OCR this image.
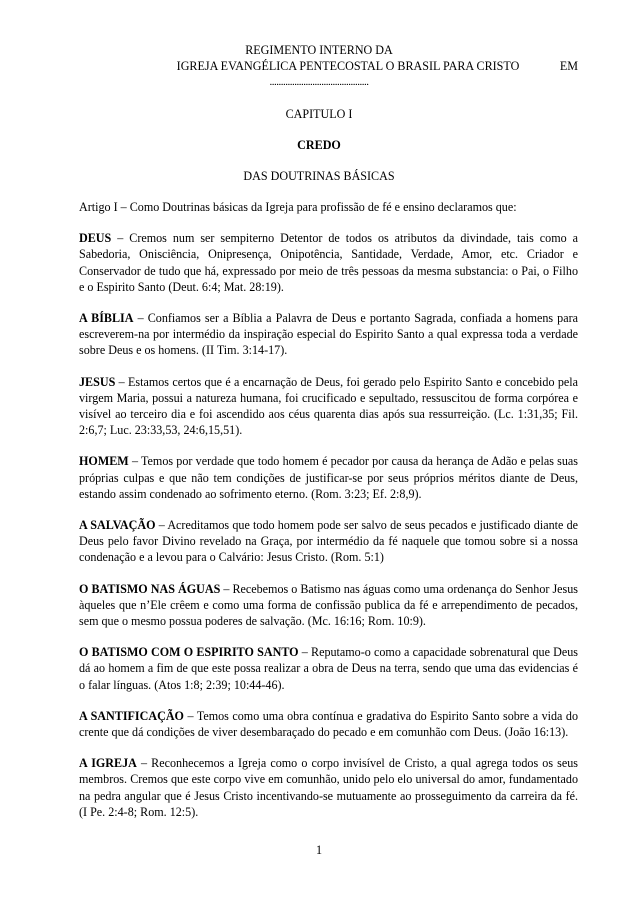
REGIMENTO INTERNO DA
IGREJA EVANGÉLICA PENTECOSTAL O BRASIL PARA CRISTO	EM
............................................
CAPITULO I
CREDO
DAS DOUTRINAS BÁSICAS

Artigo I – Como Doutrinas básicas da Igreja para profissão de fé e ensino declaramos que:

DEUS – Cremos num ser sempiterno Detentor de todos os atributos da divindade, tais como a Sabedoria, Onisciência, Onipresença, Onipotência, Santidade, Verdade, Amor, etc. Criador e Conservador de tudo que há, expressado por meio de três pessoas da mesma substancia: o Pai, o Filho e o Espirito Santo (Deut. 6:4; Mat. 28:19).

A BÍBLIA – Confiamos ser a Bíblia a Palavra de Deus e portanto Sagrada, confiada a homens para escreverem-na por intermédio da inspiração especial do Espirito Santo a qual expressa toda a verdade sobre Deus e os homens. (II Tim. 3:14-17).

JESUS – Estamos certos que é a encarnação de Deus, foi gerado pelo Espirito Santo e concebido pela virgem Maria, possui a natureza humana, foi crucificado e sepultado, ressuscitou de forma corpórea e visível ao terceiro dia e foi ascendido aos céus quarenta dias após sua ressurreição. (Lc. 1:31,35; Fil. 2:6,7; Luc. 23:33,53, 24:6,15,51).

HOMEM – Temos por verdade que todo homem é pecador por causa da herança de Adão e pelas suas próprias culpas e que não tem condições de justificar-se por seus próprios méritos diante de Deus, estando assim condenado ao sofrimento eterno. (Rom. 3:23; Ef. 2:8,9).

A SALVAÇÃO – Acreditamos que todo homem pode ser salvo de seus pecados e justificado diante de Deus pelo favor Divino revelado na Graça, por intermédio da fé naquele que tomou sobre si a nossa condenação e a levou para o Calvário: Jesus Cristo. (Rom. 5:1)

O BATISMO NAS ÁGUAS – Recebemos o Batismo nas águas como uma ordenança do Senhor Jesus àqueles que n’Ele crêem e como uma forma de confissão publica da fé e arrependimento de pecados, sem que o mesmo possua poderes de salvação. (Mc. 16:16; Rom. 10:9).

O BATISMO COM O ESPIRITO SANTO – Reputamo-o como a capacidade sobrenatural que Deus dá ao homem a fim de que este possa realizar a obra de Deus na terra, sendo que uma das evidencias é o falar línguas. (Atos 1:8; 2:39; 10:44-46).

A SANTIFICAÇÃO – Temos como uma obra contínua e gradativa do Espirito Santo sobre a vida do crente que dá condições de viver desembaraçado do pecado e em comunhão com Deus. (João 16:13).

A IGREJA – Reconhecemos a Igreja como o corpo invisível de Cristo, a qual agrega todos os seus membros. Cremos que este corpo vive em comunhão, unido pelo elo universal do amor, fundamentado na pedra angular que é Jesus Cristo incentivando-se mutuamente ao prosseguimento da carreira da fé. (I Pe. 2:4-8; Rom. 12:5).

1
